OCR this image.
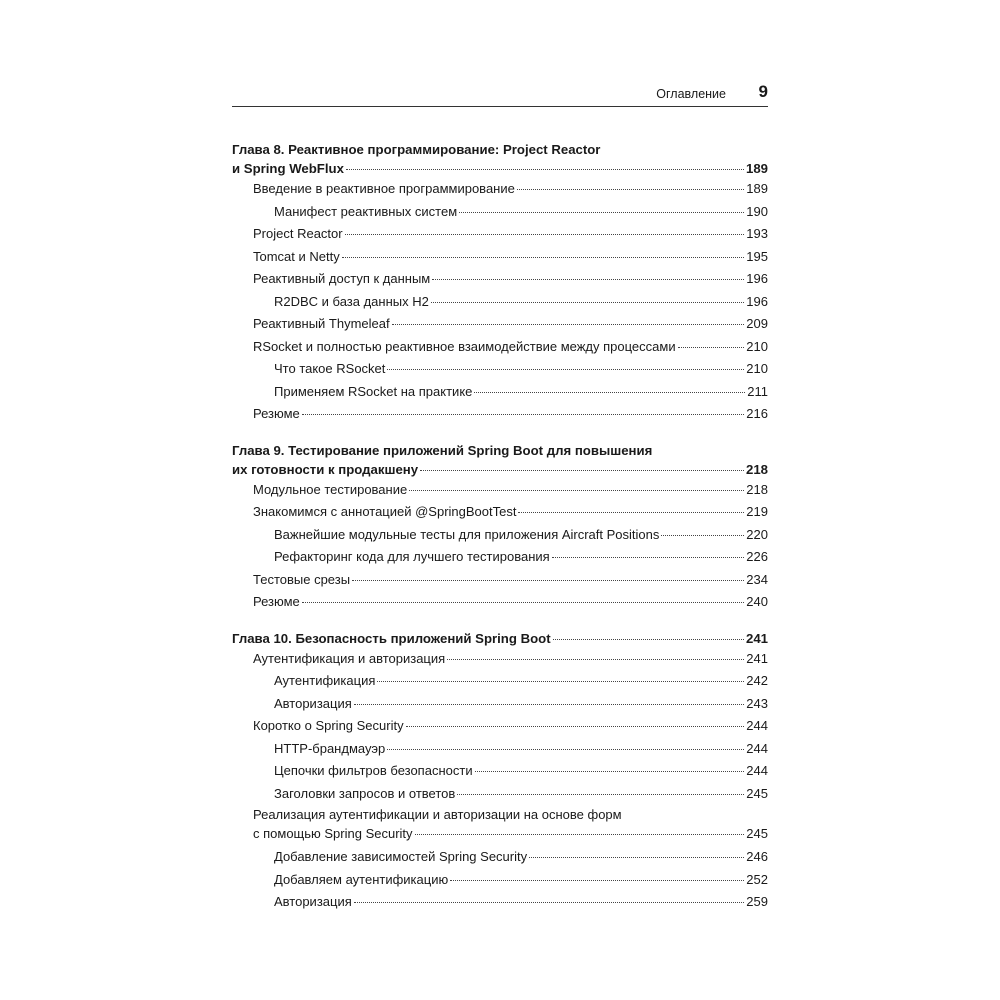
Оглавление 9
Глава 8. Реактивное программирование: Project Reactor
и Spring WebFlux	189
Введение в реактивное программирование	189
Манифест реактивных систем	190
Project Reactor	193
Tomcat и Netty	195
Реактивный доступ к данным	196
R2DBC и база данных H2	196
Реактивный Thymeleaf	209
RSocket и полностью реактивное взаимодействие между процессами	210
Что такое RSocket	210
Применяем RSocket на практике	211
Резюме	216
Глава 9. Тестирование приложений Spring Boot для повышения
их готовности к продакшену	218
Модульное тестирование	218
Знакомимся с аннотацией @SpringBootTest	219
Важнейшие модульные тесты для приложения Aircraft Positions	220
Рефакторинг кода для лучшего тестирования	226
Тестовые срезы	234
Резюме	240
Глава 10. Безопасность приложений Spring Boot	241
Аутентификация и авторизация	241
Аутентификация	242
Авторизация	243
Коротко о Spring Security	244
HTTP-брандмауэр	244
Цепочки фильтров безопасности	244
Заголовки запросов и ответов	245
Реализация аутентификации и авторизации на основе форм
с помощью Spring Security	245
Добавление зависимостей Spring Security	246
Добавляем аутентификацию	252
Авторизация	259
